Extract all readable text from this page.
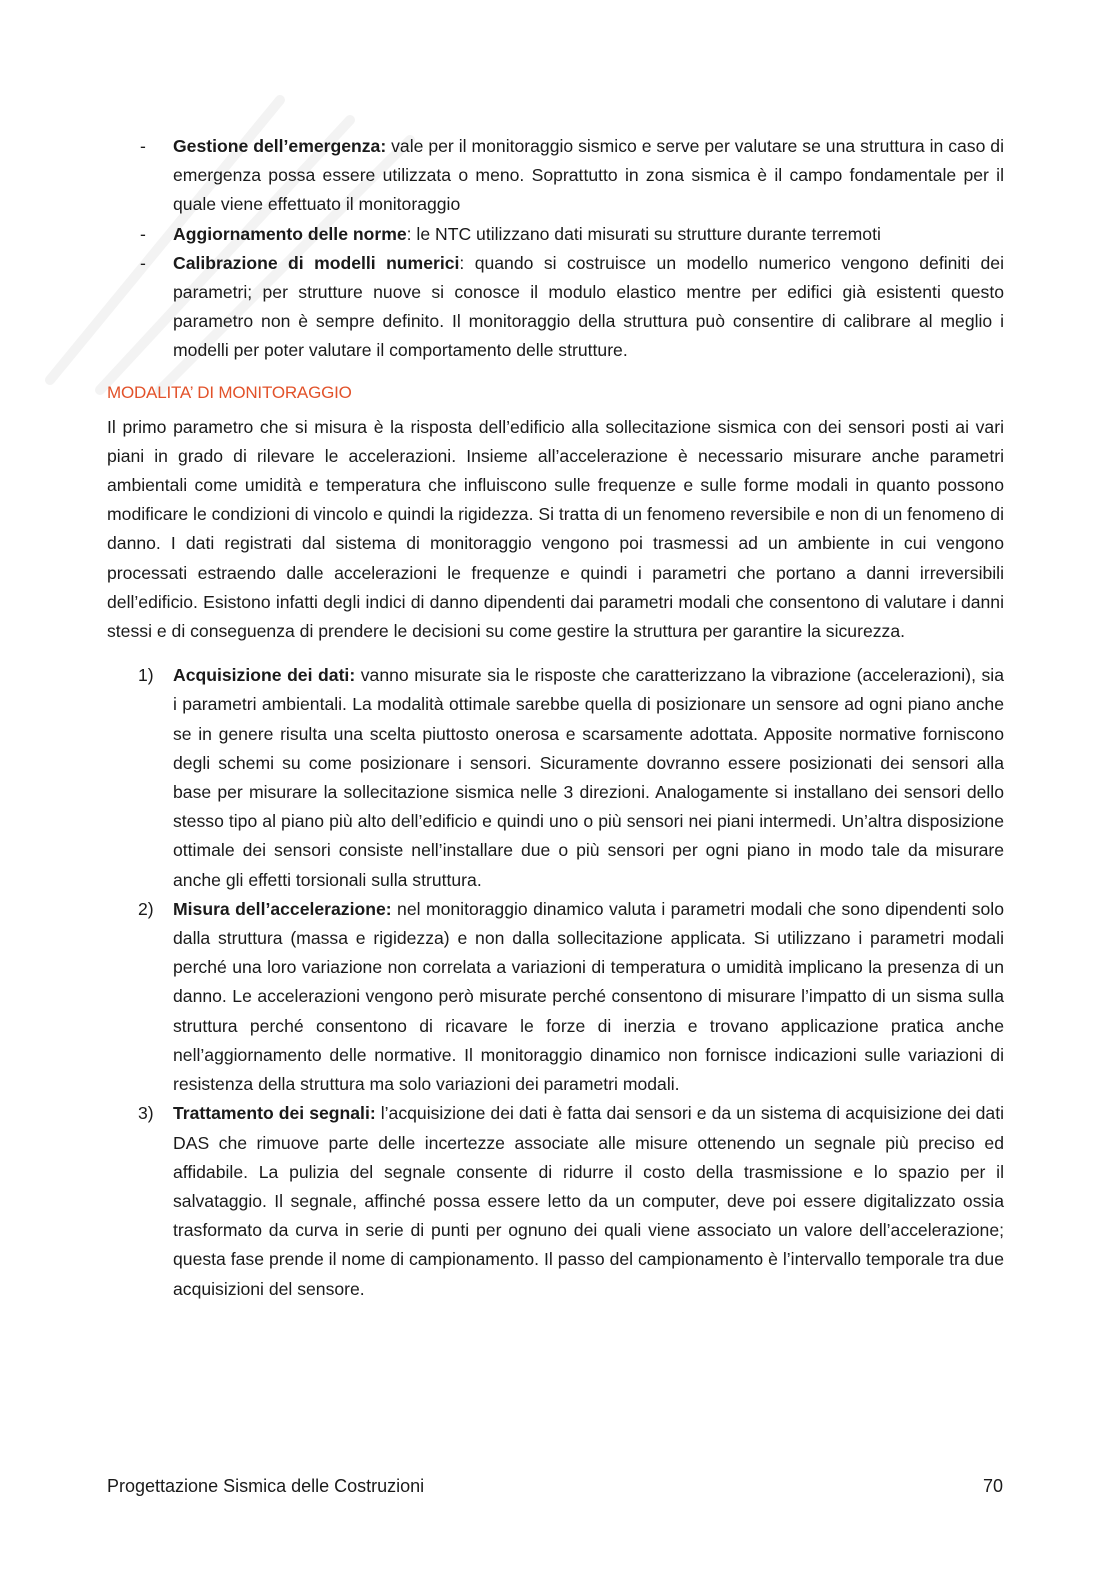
- Gestione dell’emergenza: vale per il monitoraggio sismico e serve per valutare se una struttura in caso di emergenza possa essere utilizzata o meno. Soprattutto in zona sismica è il campo fondamentale per il quale viene effettuato il monitoraggio
- Aggiornamento delle norme: le NTC utilizzano dati misurati su strutture durante terremoti
- Calibrazione di modelli numerici: quando si costruisce un modello numerico vengono definiti dei parametri; per strutture nuove si conosce il modulo elastico mentre per edifici già esistenti questo parametro non è sempre definito. Il monitoraggio della struttura può consentire di calibrare al meglio i modelli per poter valutare il comportamento delle strutture.
MODALITA’ DI MONITORAGGIO

Il primo parametro che si misura è la risposta dell’edificio alla sollecitazione sismica con dei sensori posti ai vari piani in grado di rilevare le accelerazioni. Insieme all’accelerazione è necessario misurare anche parametri ambientali come umidità e temperatura che influiscono sulle frequenze e sulle forme modali in quanto possono modificare le condizioni di vincolo e quindi la rigidezza. Si tratta di un fenomeno reversibile e non di un fenomeno di danno. I dati registrati dal sistema di monitoraggio vengono poi trasmessi ad un ambiente in cui vengono processati estraendo dalle accelerazioni le frequenze e quindi i parametri che portano a danni irreversibili dell’edificio. Esistono infatti degli indici di danno dipendenti dai parametri modali che consentono di valutare i danni stessi e di conseguenza di prendere le decisioni su come gestire la struttura per garantire la sicurezza.

1) Acquisizione dei dati: vanno misurate sia le risposte che caratterizzano la vibrazione (accelerazioni), sia i parametri ambientali. La modalità ottimale sarebbe quella di posizionare un sensore ad ogni piano anche se in genere risulta una scelta piuttosto onerosa e scarsamente adottata. Apposite normative forniscono degli schemi su come posizionare i sensori. Sicuramente dovranno essere posizionati dei sensori alla base per misurare la sollecitazione sismica nelle 3 direzioni. Analogamente si installano dei sensori dello stesso tipo al piano più alto dell’edificio e quindi uno o più sensori nei piani intermedi. Un’altra disposizione ottimale dei sensori consiste nell’installare due o più sensori per ogni piano in modo tale da misurare anche gli effetti torsionali sulla struttura.
2) Misura dell’accelerazione: nel monitoraggio dinamico valuta i parametri modali che sono dipendenti solo dalla struttura (massa e rigidezza) e non dalla sollecitazione applicata. Si utilizzano i parametri modali perché una loro variazione non correlata a variazioni di temperatura o umidità implicano la presenza di un danno. Le accelerazioni vengono però misurate perché consentono di misurare l’impatto di un sisma sulla struttura perché consentono di ricavare le forze di inerzia e trovano applicazione pratica anche nell’aggiornamento delle normative. Il monitoraggio dinamico non fornisce indicazioni sulle variazioni di resistenza della struttura ma solo variazioni dei parametri modali.
3) Trattamento dei segnali: l’acquisizione dei dati è fatta dai sensori e da un sistema di acquisizione dei dati DAS che rimuove parte delle incertezze associate alle misure ottenendo un segnale più preciso ed affidabile. La pulizia del segnale consente di ridurre il costo della trasmissione e lo spazio per il salvataggio. Il segnale, affinché possa essere letto da un computer, deve poi essere digitalizzato ossia trasformato da curva in serie di punti per ognuno dei quali viene associato un valore dell’accelerazione; questa fase prende il nome di campionamento. Il passo del campionamento è l’intervallo temporale tra due acquisizioni del sensore.
Progettazione Sismica delle Costruzioni	70
